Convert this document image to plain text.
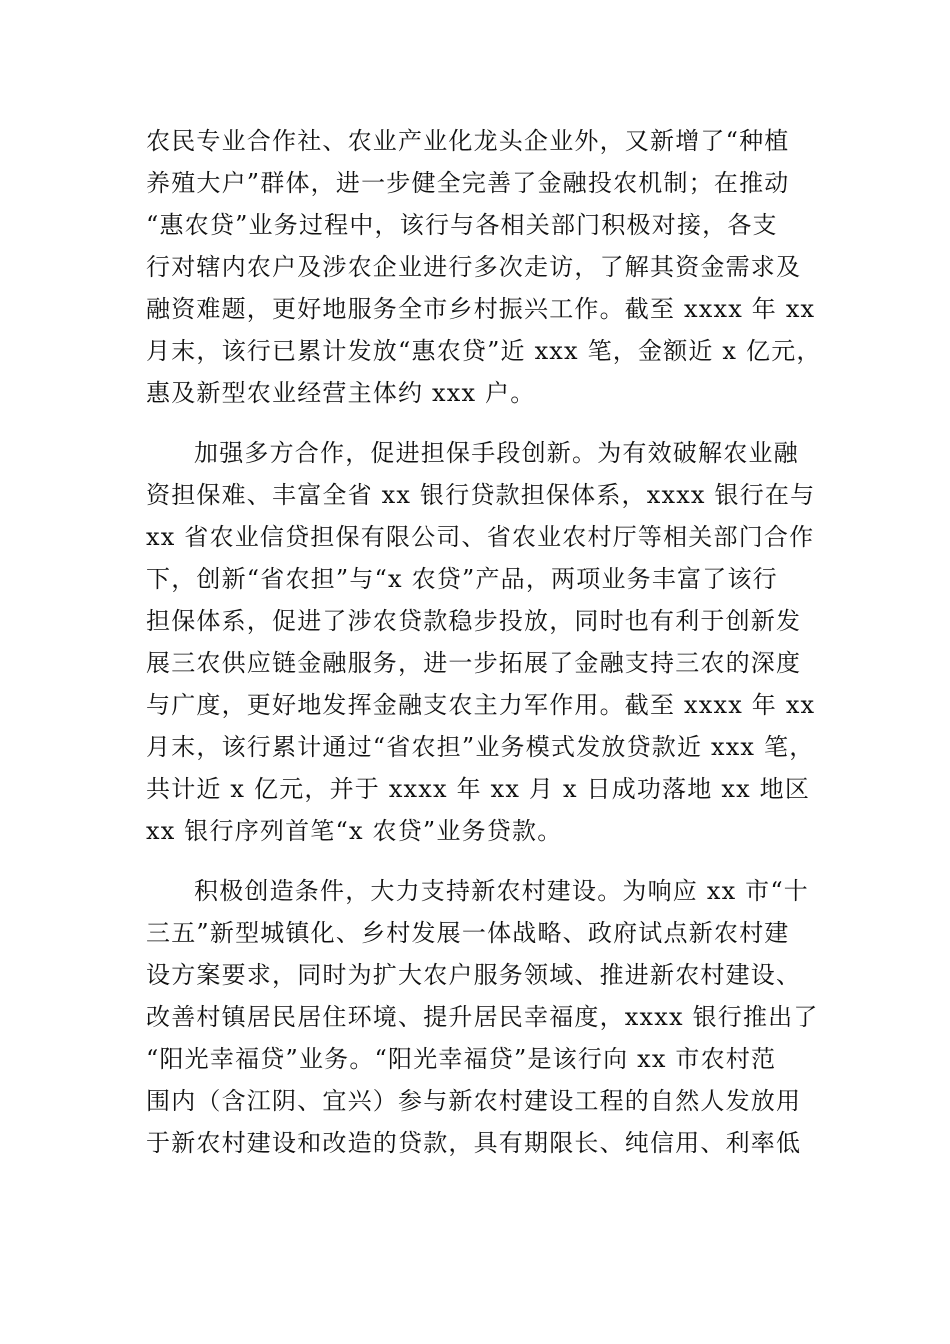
农民专业合作社、农业产业化龙头企业外，又新增了“种植
养殖大户”群体，进一步健全完善了金融投农机制；在推动
“惠农贷”业务过程中，该行与各相关部门积极对接，各支
行对辖内农户及涉农企业进行多次走访，了解其资金需求及
融资难题，更好地服务全市乡村振兴工作。截至 xxxx 年 xx
月末，该行已累计发放“惠农贷”近 xxx 笔，金额近 x 亿元，
惠及新型农业经营主体约 xxx 户。
加强多方合作，促进担保手段创新。为有效破解农业融
资担保难、丰富全省 xx 银行贷款担保体系，xxxx 银行在与
xx 省农业信贷担保有限公司、省农业农村厅等相关部门合作
下，创新“省农担”与“x 农贷”产品，两项业务丰富了该行
担保体系，促进了涉农贷款稳步投放，同时也有利于创新发
展三农供应链金融服务，进一步拓展了金融支持三农的深度
与广度，更好地发挥金融支农主力军作用。截至 xxxx 年 xx
月末，该行累计通过“省农担”业务模式发放贷款近 xxx 笔，
共计近 x 亿元，并于 xxxx 年 xx 月 x 日成功落地 xx 地区
xx 银行序列首笔“x 农贷”业务贷款。
积极创造条件，大力支持新农村建设。为响应 xx 市“十
三五”新型城镇化、乡村发展一体战略、政府试点新农村建
设方案要求，同时为扩大农户服务领域、推进新农村建设、
改善村镇居民居住环境、提升居民幸福度，xxxx 银行推出了
“阳光幸福贷”业务。“阳光幸福贷”是该行向 xx 市农村范
围内（含江阴、宜兴）参与新农村建设工程的自然人发放用
于新农村建设和改造的贷款，具有期限长、纯信用、利率低
